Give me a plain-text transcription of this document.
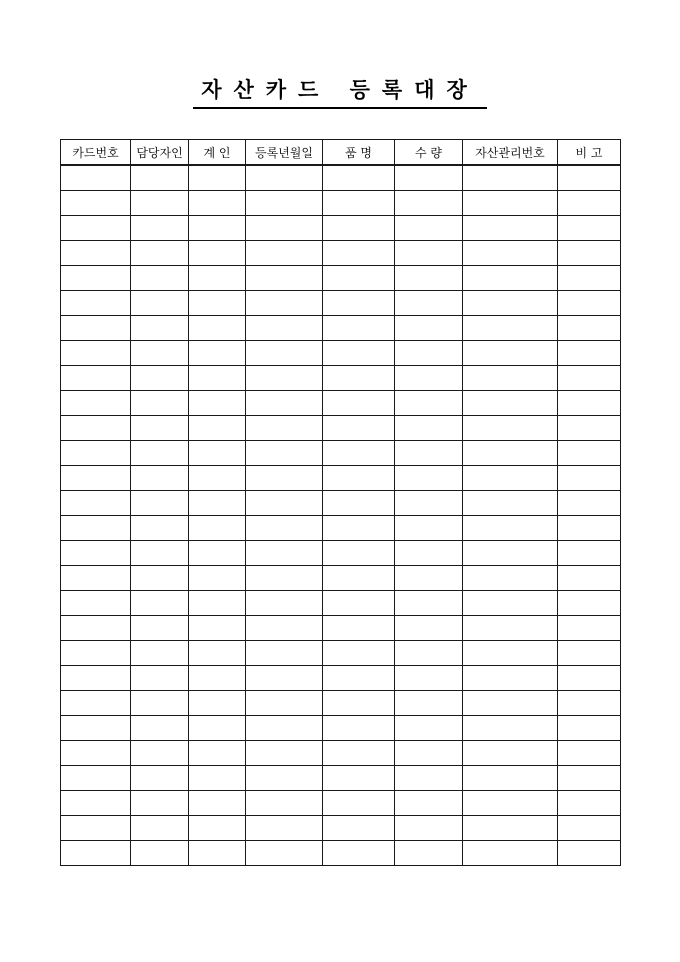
자산카드 등록대장
카드번호	담당자인	계 인	등록년월일	품 명	수 량	자산관리번호	비 고
